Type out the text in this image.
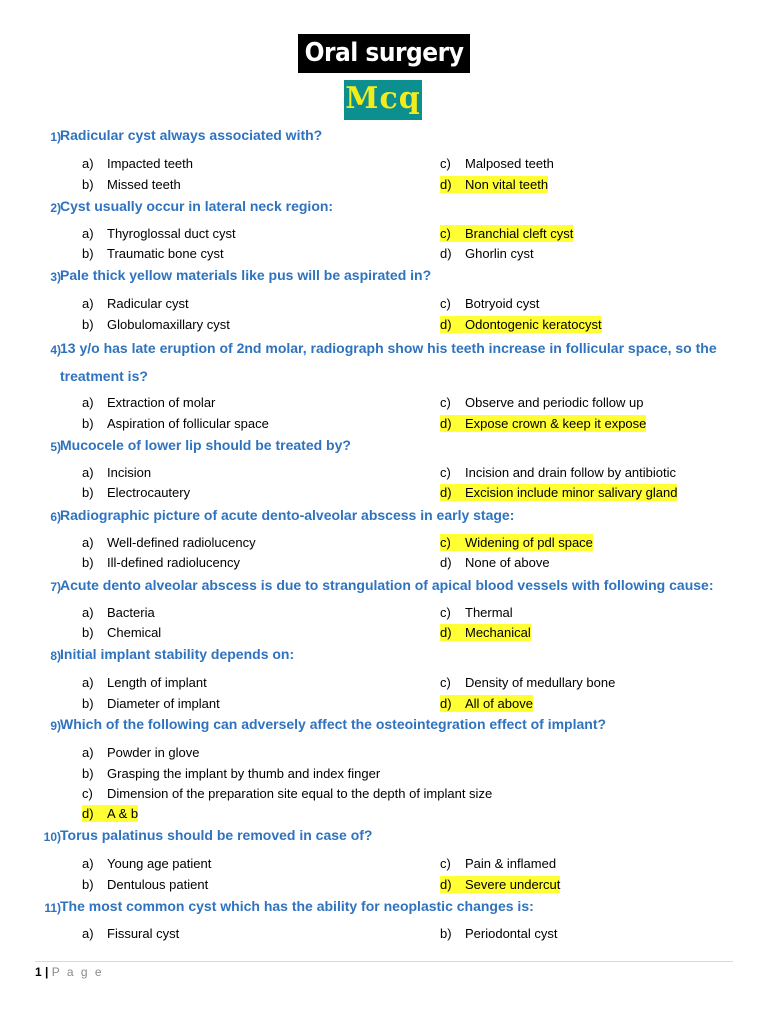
Oral surgery
Mcq
1) Radicular cyst always associated with?
a) Impacted teeth
b) Missed teeth
c) Malposed teeth
d) Non vital teeth
2) Cyst usually occur in lateral neck region:
a) Thyroglossal duct cyst
b) Traumatic bone cyst
c) Branchial cleft cyst
d) Ghorlin cyst
3) Pale thick yellow materials like pus will be aspirated in?
a) Radicular cyst
b) Globulomaxillary cyst
c) Botryoid cyst
d) Odontogenic keratocyst
4) 13 y/o has late eruption of 2nd molar, radiograph show his teeth increase in follicular space, so the treatment is?
a) Extraction of molar
b) Aspiration of follicular space
c) Observe and periodic follow up
d) Expose crown & keep it expose
5) Mucocele of lower lip should be treated by?
a) Incision
b) Electrocautery
c) Incision and drain follow by antibiotic
d) Excision include minor salivary gland
6) Radiographic picture of acute dento-alveolar abscess in early stage:
a) Well-defined radiolucency
b) Ill-defined radiolucency
c) Widening of pdl space
d) None of above
7) Acute dento alveolar abscess is due to strangulation of apical blood vessels with following cause:
a) Bacteria
b) Chemical
c) Thermal
d) Mechanical
8) Initial implant stability depends on:
a) Length of implant
b) Diameter of implant
c) Density of medullary bone
d) All of above
9) Which of the following can adversely affect the osteointegration effect of implant?
a) Powder in glove
b) Grasping the implant by thumb and index finger
c) Dimension of the preparation site equal to the depth of implant size
d) A & b
10) Torus palatinus should be removed in case of?
a) Young age patient
b) Dentulous patient
c) Pain & inflamed
d) Severe undercut
11) The most common cyst which has the ability for neoplastic changes is:
a) Fissural cyst	b) Periodontal cyst
1 | P a g e
